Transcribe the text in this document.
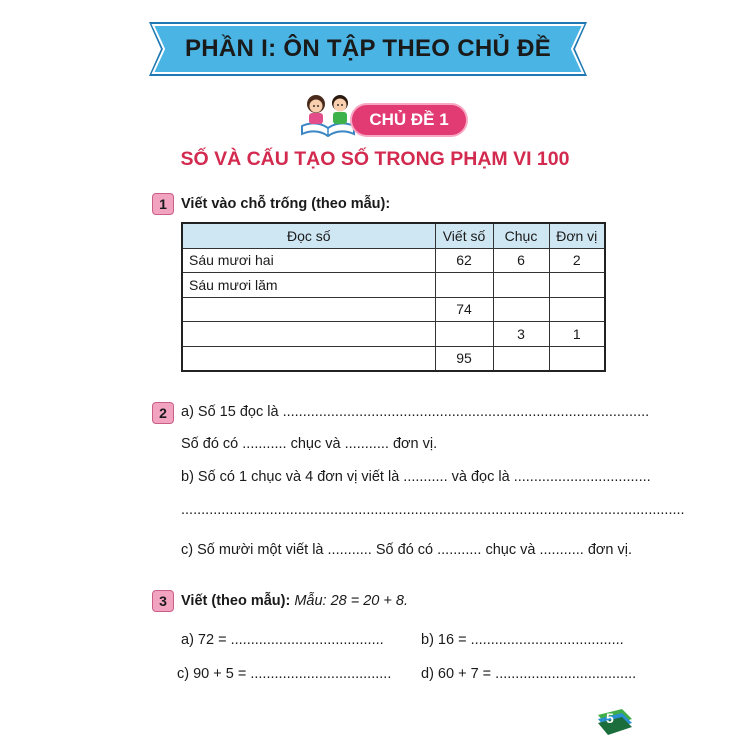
PHẦN I: ÔN TẬP THEO CHỦ ĐỀ
CHỦ ĐỀ 1
SỐ VÀ CẤU TẠO SỐ TRONG PHẠM VI 100
1 Viết vào chỗ trống (theo mẫu):
Đọc số	Viết số	Chục	Đơn vị
Sáu mươi hai	62	6	2
Sáu mươi lăm			
	74		
		3	1
	95		
2 a) Số 15 đọc là ...........................................................................................
Số đó có ........... chục và ........... đơn vị.
b) Số có 1 chục và 4 đơn vị viết là ........... và đọc là ..................................
.............................................................................................................................
c) Số mười một viết là ........... Số đó có ........... chục và ........... đơn vị.
3 Viết (theo mẫu): Mẫu: 28 = 20 + 8.
a) 72 = ......................................	b) 16 = ......................................
c) 90 + 5 = ................................... d) 60 + 7 = ...................................
5
